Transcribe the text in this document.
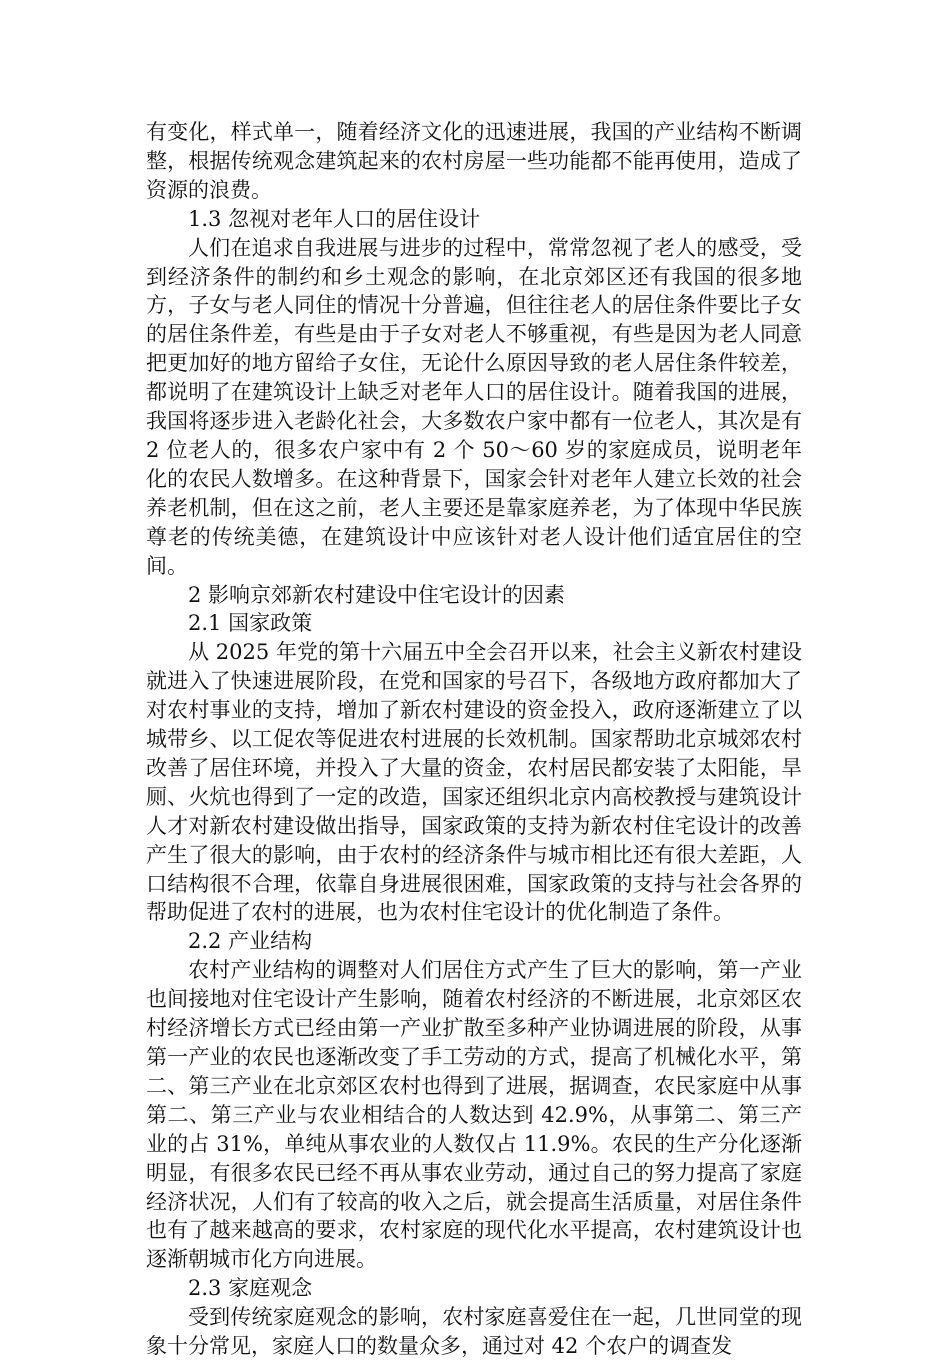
有变化，样式单一，随着经济文化的迅速进展，我国的产业结构不断调整，根据传统观念建筑起来的农村房屋一些功能都不能再使用，造成了资源的浪费。

1.3 忽视对老年人口的居住设计

人们在追求自我进展与进步的过程中，常常忽视了老人的感受，受到经济条件的制约和乡土观念的影响，在北京郊区还有我国的很多地方，子女与老人同住的情况十分普遍，但往往老人的居住条件要比子女的居住条件差，有些是由于子女对老人不够重视，有些是因为老人同意把更加好的地方留给子女住，无论什么原因导致的老人居住条件较差，都说明了在建筑设计上缺乏对老年人口的居住设计。随着我国的进展，我国将逐步进入老龄化社会，大多数农户家中都有一位老人，其次是有 2 位老人的，很多农户家中有 2 个 50～60 岁的家庭成员，说明老年化的农民人数增多。在这种背景下，国家会针对老年人建立长效的社会养老机制，但在这之前，老人主要还是靠家庭养老，为了体现中华民族尊老的传统美德，在建筑设计中应该针对老人设计他们适宜居住的空间。

2 影响京郊新农村建设中住宅设计的因素

2.1 国家政策

从 2025 年党的第十六届五中全会召开以来，社会主义新农村建设就进入了快速进展阶段，在党和国家的号召下，各级地方政府都加大了对农村事业的支持，增加了新农村建设的资金投入，政府逐渐建立了以城带乡、以工促农等促进农村进展的长效机制。国家帮助北京城郊农村改善了居住环境，并投入了大量的资金，农村居民都安装了太阳能，旱厕、火炕也得到了一定的改造，国家还组织北京内高校教授与建筑设计人才对新农村建设做出指导，国家政策的支持为新农村住宅设计的改善产生了很大的影响，由于农村的经济条件与城市相比还有很大差距，人口结构很不合理，依靠自身进展很困难，国家政策的支持与社会各界的帮助促进了农村的进展，也为农村住宅设计的优化制造了条件。

2.2 产业结构

农村产业结构的调整对人们居住方式产生了巨大的影响，第一产业也间接地对住宅设计产生影响，随着农村经济的不断进展，北京郊区农村经济增长方式已经由第一产业扩散至多种产业协调进展的阶段，从事第一产业的农民也逐渐改变了手工劳动的方式，提高了机械化水平，第二、第三产业在北京郊区农村也得到了进展，据调查，农民家庭中从事第二、第三产业与农业相结合的人数达到 42.9%，从事第二、第三产业的占 31%，单纯从事农业的人数仅占 11.9%。农民的生产分化逐渐明显，有很多农民已经不再从事农业劳动，通过自己的努力提高了家庭经济状况，人们有了较高的收入之后，就会提高生活质量，对居住条件也有了越来越高的要求，农村家庭的现代化水平提高，农村建筑设计也逐渐朝城市化方向进展。

2.3 家庭观念

受到传统家庭观念的影响，农村家庭喜爱住在一起，几世同堂的现象十分常见，家庭人口的数量众多，通过对 42 个农户的调查发
